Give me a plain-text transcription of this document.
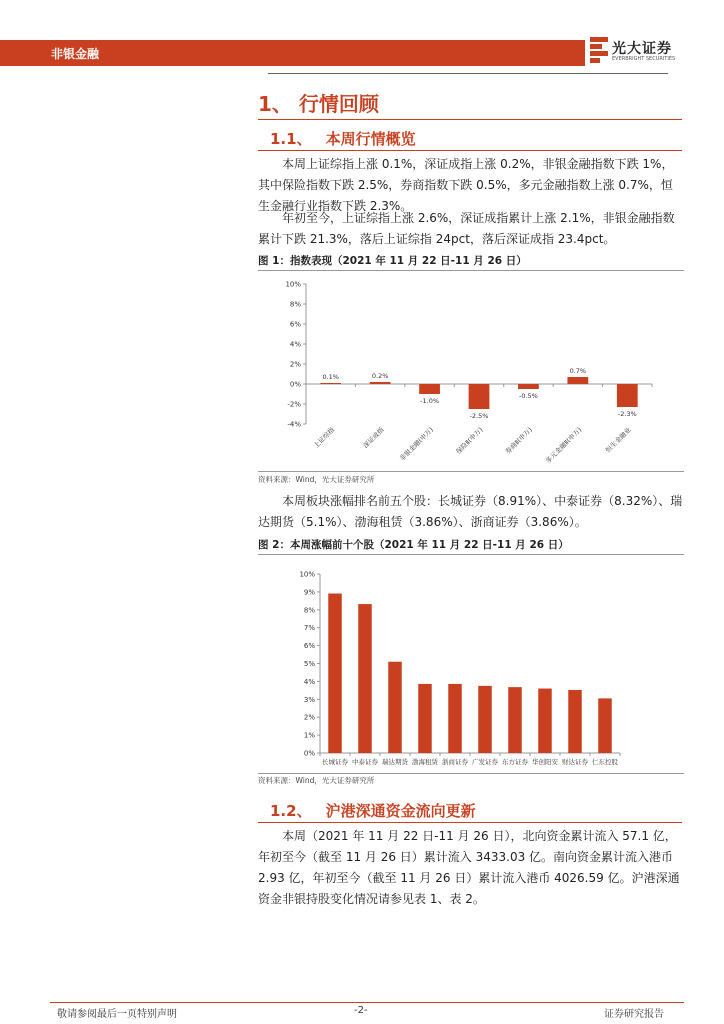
非银金融	光大证券
EVERBRIGHT SECURITIES
1、 行情回顾
1.1、 本周行情概览

本周上证综指上涨 0.1%，深证成指上涨 0.2%，非银金融指数下跌 1%，其中保险指数下跌 2.5%，券商指数下跌 0.5%，多元金融指数上涨 0.7%，恒生金融行业指数下跌 2.3%。

年初至今，上证综指上涨 2.6%，深证成指累计上涨 2.1%，非银金融指数累计下跌 21.3%，落后上证综指 24pct，落后深证成指 23.4pct。

图 1：指数表现（2021 年 11 月 22 日-11 月 26 日）
10%
8%
6%
4%
2%
0%
-2%
-4%
0.1%
上证综指
0.2%
深证成指
-1.0%
非银金融(申万)
-2.5%
保险Ⅱ(申万)
-0.5%
券商Ⅱ(申万)
0.7%
多元金融Ⅱ(申万)
-2.3%
恒生金融业
资料来源：Wind，光大证券研究所

本周板块涨幅排名前五个股：长城证券（8.91%）、中泰证券（8.32%）、瑞达期货（5.1%）、渤海租赁（3.86%）、浙商证券（3.86%）。

图 2：本周涨幅前十个股（2021 年 11 月 22 日-11 月 26 日）
10%
9%
8%
7%
6%
5%
4%
3%
2%
1%
0%
长城证券 中泰证券 瑞达期货 渤海租赁 浙商证券 广发证券 东方证券 华创阳安 财达证券 仁东控股
资料来源：Wind，光大证券研究所
1.2、 沪港深通资金流向更新

本周（2021 年 11 月 22 日-11 月 26 日），北向资金累计流入 57.1 亿，年初至今（截至 11 月 26 日）累计流入 3433.03 亿。南向资金累计流入港币 2.93 亿，年初至今（截至 11 月 26 日）累计流入港币 4026.59 亿。沪港深通资金非银持股变化情况请参见表 1、表 2。

敬请参阅最后一页特别声明	-2-	证券研究报告
